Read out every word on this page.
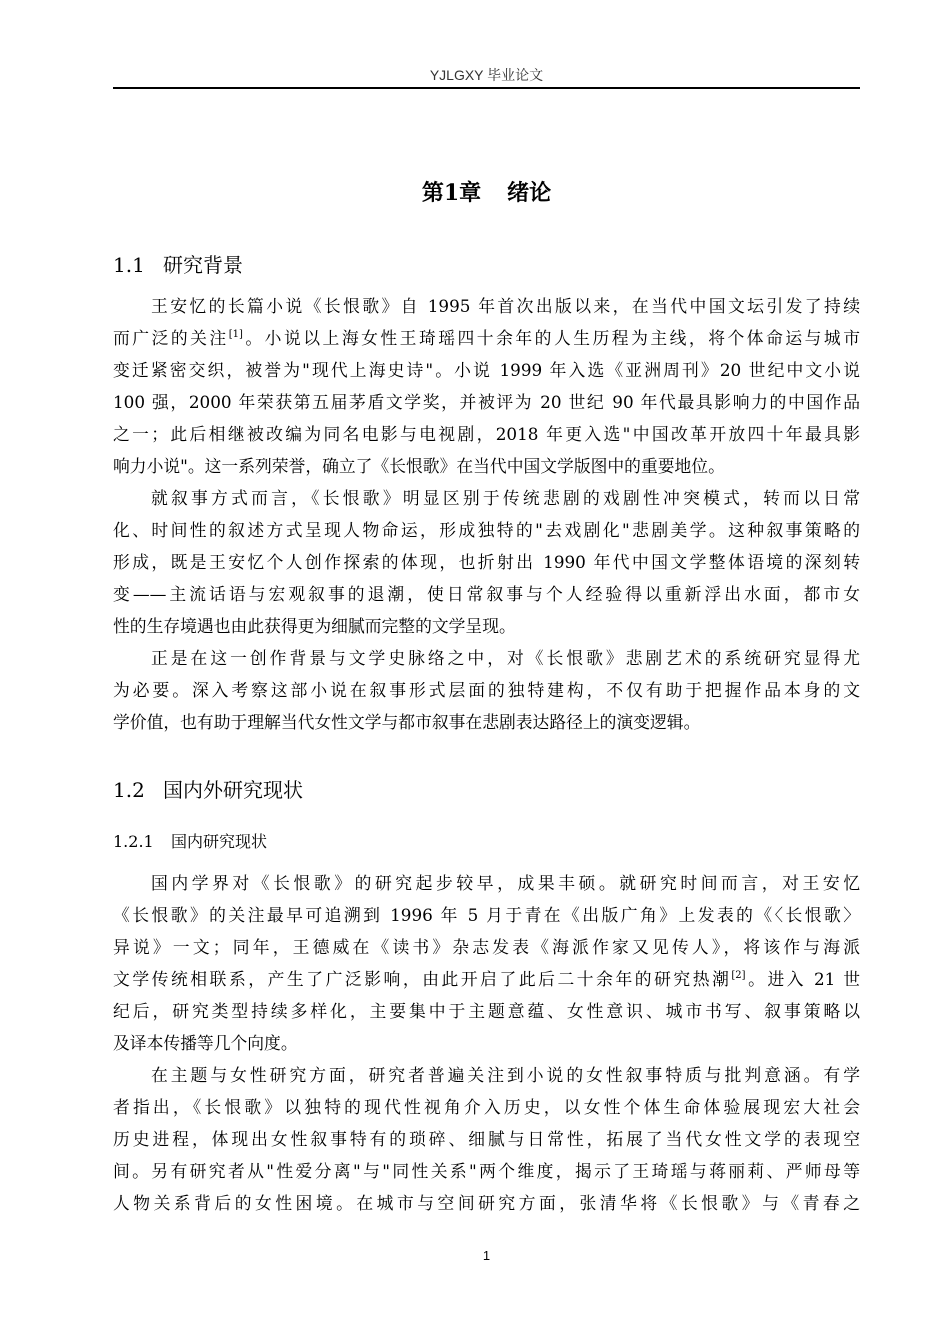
YJLGXY 毕业论文
第1章 绪论
1.1 研究背景
王安忆的长篇小说《长恨歌》自 1995 年首次出版以来，在当代中国文坛引发了持续
而广泛的关注[1]。小说以上海女性王琦瑶四十余年的人生历程为主线，将个体命运与城市
变迁紧密交织，被誉为"现代上海史诗"。小说 1999 年入选《亚洲周刊》20 世纪中文小说
100 强，2000 年荣获第五届茅盾文学奖，并被评为 20 世纪 90 年代最具影响力的中国作品
之一；此后相继被改编为同名电影与电视剧，2018 年更入选"中国改革开放四十年最具影
响力小说"。这一系列荣誉，确立了《长恨歌》在当代中国文学版图中的重要地位。
就叙事方式而言，《长恨歌》明显区别于传统悲剧的戏剧性冲突模式，转而以日常
化、时间性的叙述方式呈现人物命运，形成独特的"去戏剧化"悲剧美学。这种叙事策略的
形成，既是王安忆个人创作探索的体现，也折射出 1990 年代中国文学整体语境的深刻转
变——主流话语与宏观叙事的退潮，使日常叙事与个人经验得以重新浮出水面，都市女
性的生存境遇也由此获得更为细腻而完整的文学呈现。
正是在这一创作背景与文学史脉络之中，对《长恨歌》悲剧艺术的系统研究显得尤
为必要。深入考察这部小说在叙事形式层面的独特建构，不仅有助于把握作品本身的文
学价值，也有助于理解当代女性文学与都市叙事在悲剧表达路径上的演变逻辑。
1.2 国内外研究现状
1.2.1 国内研究现状
国内学界对《长恨歌》的研究起步较早，成果丰硕。就研究时间而言，对王安忆
《长恨歌》的关注最早可追溯到 1996 年 5 月于青在《出版广角》上发表的《〈长恨歌〉
异说》一文；同年，王德威在《读书》杂志发表《海派作家又见传人》，将该作与海派
文学传统相联系，产生了广泛影响，由此开启了此后二十余年的研究热潮[2]。进入 21 世
纪后，研究类型持续多样化，主要集中于主题意蕴、女性意识、城市书写、叙事策略以
及译本传播等几个向度。
在主题与女性研究方面，研究者普遍关注到小说的女性叙事特质与批判意涵。有学
者指出，《长恨歌》以独特的现代性视角介入历史，以女性个体生命体验展现宏大社会
历史进程，体现出女性叙事特有的琐碎、细腻与日常性，拓展了当代女性文学的表现空
间。另有研究者从"性爱分离"与"同性关系"两个维度，揭示了王琦瑶与蒋丽莉、严师母等
人物关系背后的女性困境。在城市与空间研究方面，张清华将《长恨歌》与《青春之
1
